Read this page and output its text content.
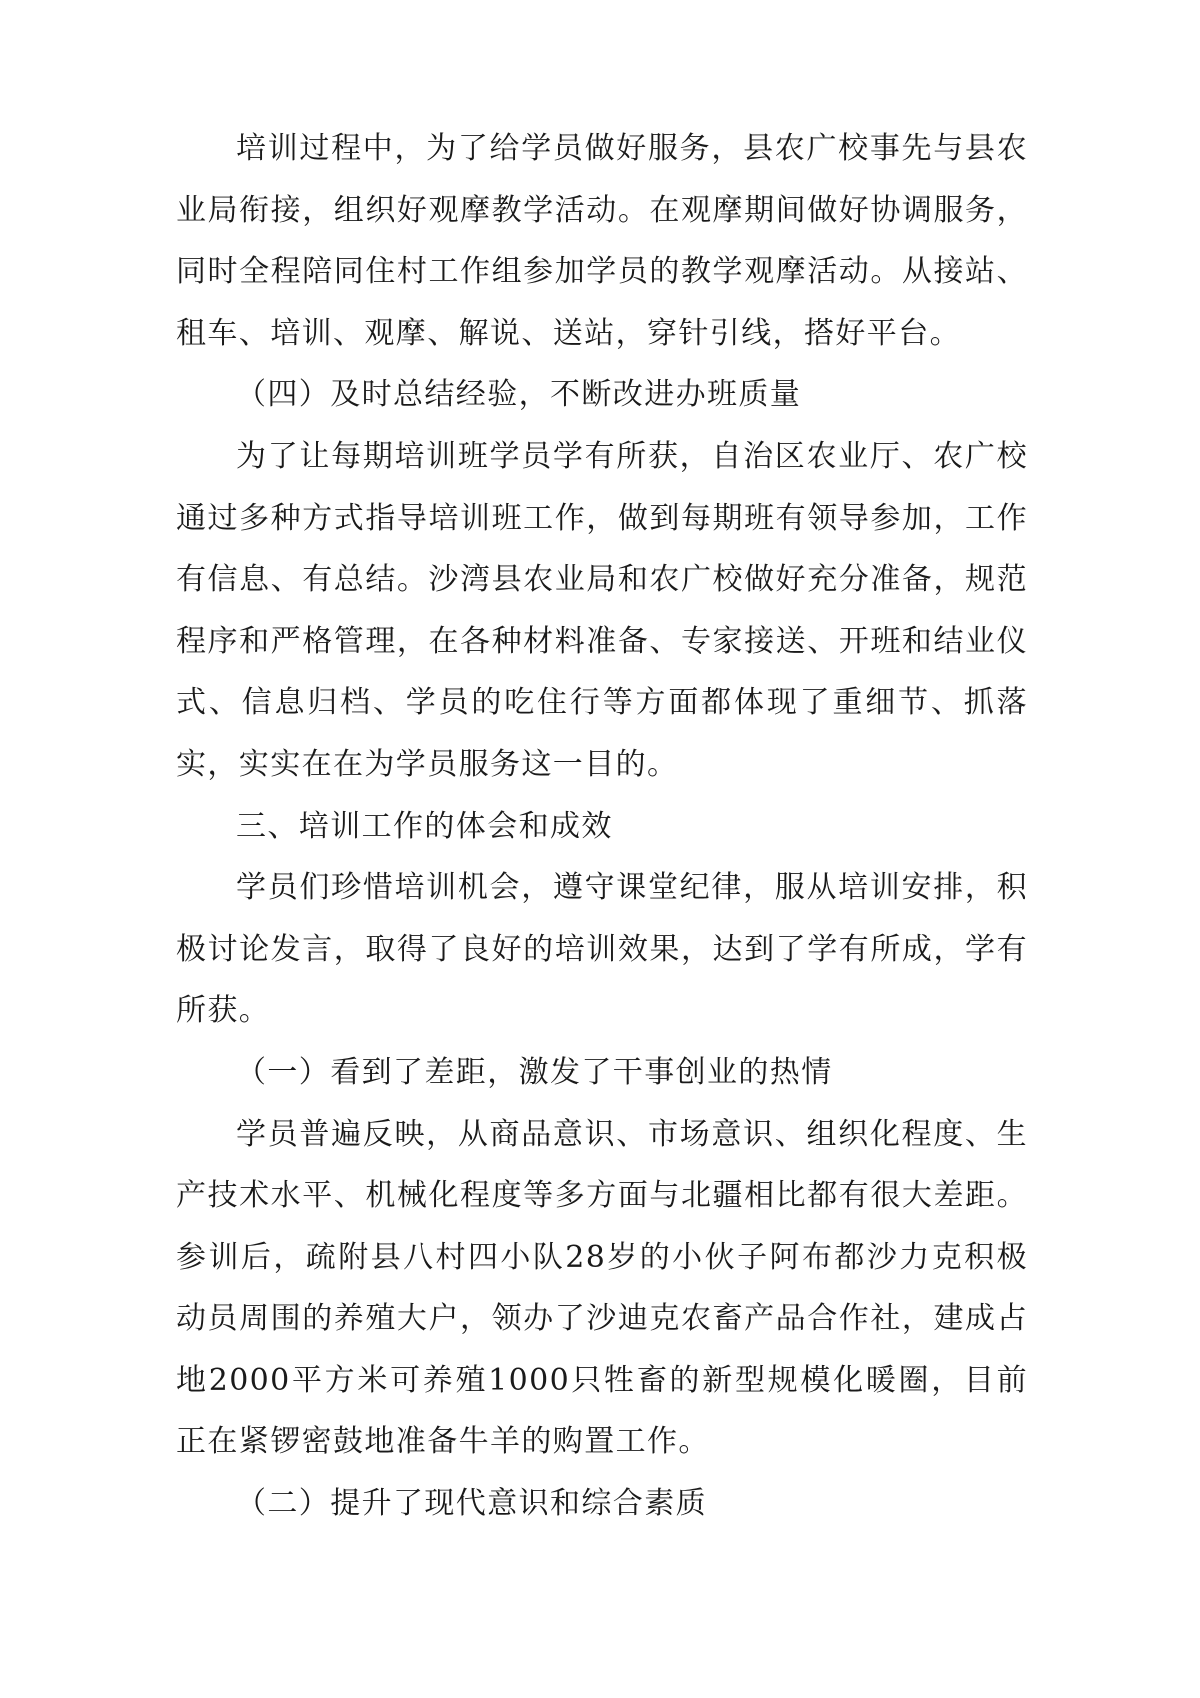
培训过程中，为了给学员做好服务，县农广校事先与县农业局衔接，组织好观摩教学活动。在观摩期间做好协调服务，同时全程陪同住村工作组参加学员的教学观摩活动。从接站、租车、培训、观摩、解说、送站，穿针引线，搭好平台。

（四）及时总结经验，不断改进办班质量

为了让每期培训班学员学有所获，自治区农业厅、农广校通过多种方式指导培训班工作，做到每期班有领导参加，工作有信息、有总结。沙湾县农业局和农广校做好充分准备，规范程序和严格管理，在各种材料准备、专家接送、开班和结业仪式、信息归档、学员的吃住行等方面都体现了重细节、抓落实，实实在在为学员服务这一目的。

三、培训工作的体会和成效

学员们珍惜培训机会，遵守课堂纪律，服从培训安排，积极讨论发言，取得了良好的培训效果，达到了学有所成，学有所获。

（一）看到了差距，激发了干事创业的热情

学员普遍反映，从商品意识、市场意识、组织化程度、生产技术水平、机械化程度等多方面与北疆相比都有很大差距。参训后，疏附县八村四小队28岁的小伙子阿布都沙力克积极动员周围的养殖大户，领办了沙迪克农畜产品合作社，建成占地2000平方米可养殖1000只牲畜的新型规模化暖圈，目前正在紧锣密鼓地准备牛羊的购置工作。

（二）提升了现代意识和综合素质
